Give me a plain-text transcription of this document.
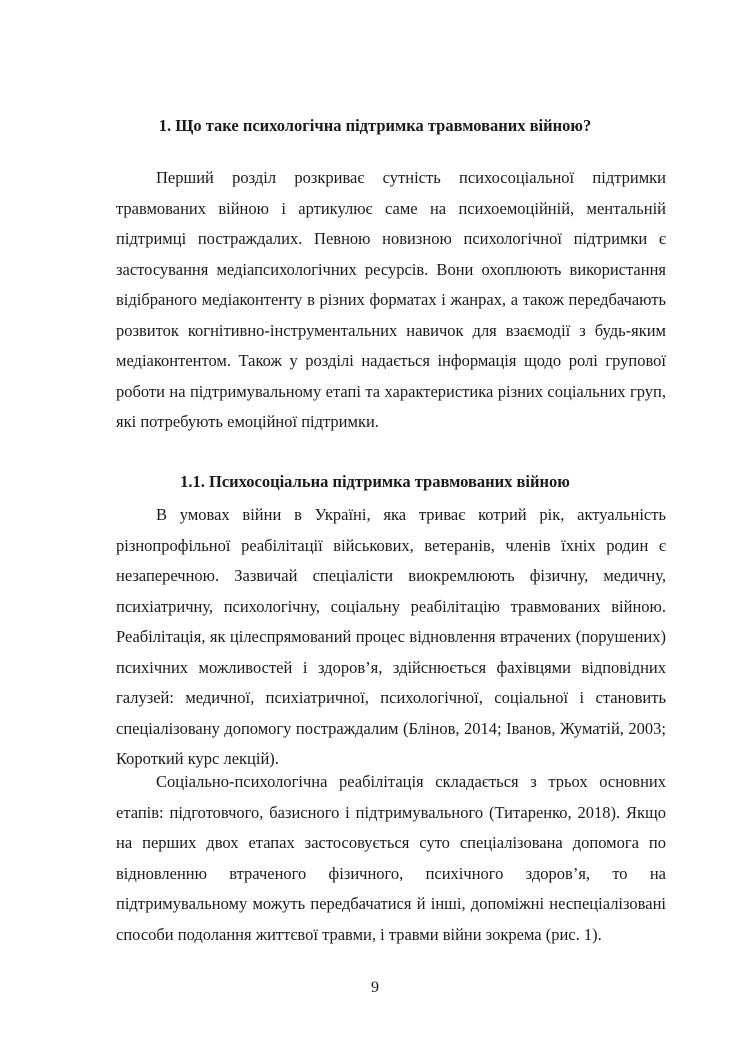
1. Що таке психологічна підтримка травмованих війною?

Перший розділ розкриває сутність психосоціальної підтримки травмованих війною і артикулює саме на психоемоційній, ментальній підтримці постраждалих. Певною новизною психологічної підтримки є застосування медіапсихологічних ресурсів. Вони охоплюють використання відібраного медіаконтенту в різних форматах і жанрах, а також передбачають розвиток когнітивно-інструментальних навичок для взаємодії з будь-яким медіаконтентом. Також у розділі надається інформація щодо ролі групової роботи на підтримувальному етапі та характеристика різних соціальних груп, які потребують емоційної підтримки.

1.1. Психосоціальна підтримка травмованих війною

В умовах війни в Україні, яка триває котрий рік, актуальність різнопрофільної реабілітації військових, ветеранів, членів їхніх родин є незаперечною. Зазвичай спеціалісти виокремлюють фізичну, медичну, психіатричну, психологічну, соціальну реабілітацію травмованих війною. Реабілітація, як цілеспрямований процес відновлення втрачених (порушених) психічних можливостей і здоров’я, здійснюється фахівцями відповідних галузей: медичної, психіатричної, психологічної, соціальної і становить спеціалізовану допомогу постраждалим (Блінов, 2014; Іванов, Жуматій, 2003; Короткий курс лекцій).

Соціально-психологічна реабілітація складається з трьох основних етапів: підготовчого, базисного і підтримувального (Титаренко, 2018). Якщо на перших двох етапах застосовується суто спеціалізована допомога по відновленню втраченого фізичного, психічного здоров’я, то на підтримувальному можуть передбачатися й інші, допоміжні неспеціалізовані способи подолання життєвої травми, і травми війни зокрема (рис. 1).

9
